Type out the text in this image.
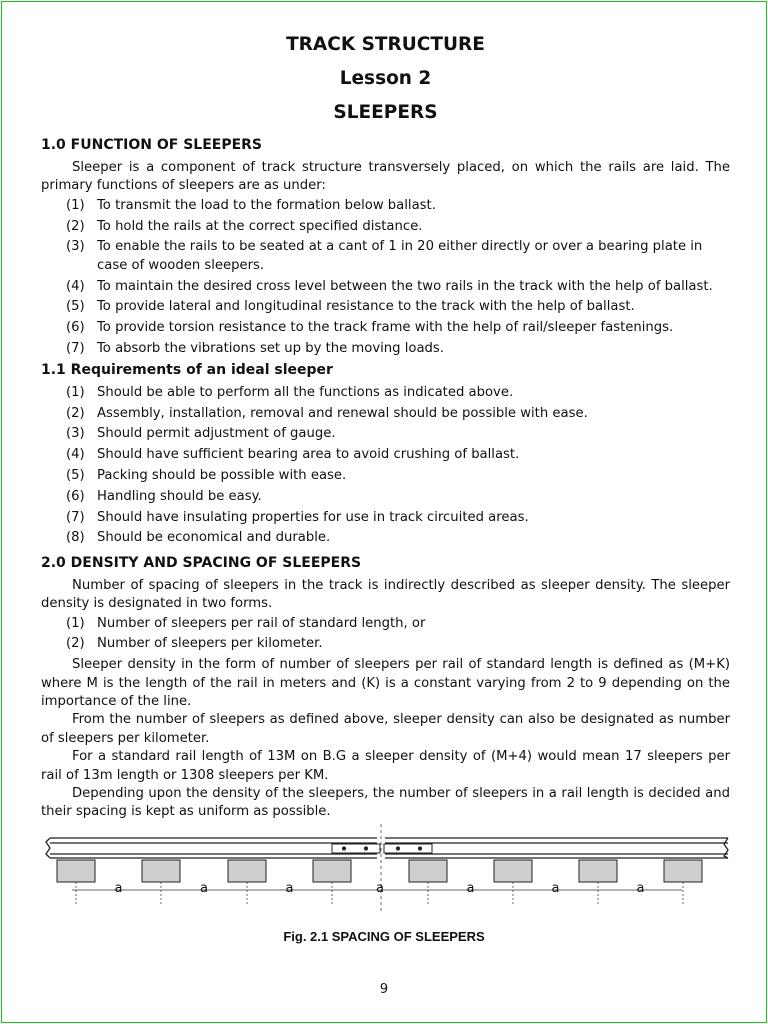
TRACK STRUCTURE
Lesson 2
SLEEPERS
1.0 FUNCTION OF SLEEPERS

Sleeper is a component of track structure transversely placed, on which the rails are laid. The primary functions of sleepers are as under:

(1) To transmit the load to the formation below ballast.
(2) To hold the rails at the correct specified distance.
(3) To enable the rails to be seated at a cant of 1 in 20 either directly or over a bearing plate in case of wooden sleepers.
(4) To maintain the desired cross level between the two rails in the track with the help of ballast.
(5) To provide lateral and longitudinal resistance to the track with the help of ballast.
(6) To provide torsion resistance to the track frame with the help of rail/sleeper fastenings.
(7) To absorb the vibrations set up by the moving loads.
1.1 Requirements of an ideal sleeper
(1) Should be able to perform all the functions as indicated above.
(2) Assembly, installation, removal and renewal should be possible with ease.
(3) Should permit adjustment of gauge.
(4) Should have sufficient bearing area to avoid crushing of ballast.
(5) Packing should be possible with ease.
(6) Handling should be easy.
(7) Should have insulating properties for use in track circuited areas.
(8) Should be economical and durable.
2.0 DENSITY AND SPACING OF SLEEPERS

Number of spacing of sleepers in the track is indirectly described as sleeper density. The sleeper density is designated in two forms.

(1) Number of sleepers per rail of standard length, or
(2) Number of sleepers per kilometer.

Sleeper density in the form of number of sleepers per rail of standard length is defined as (M+K) where M is the length of the rail in meters and (K) is a constant varying from 2 to 9 depending on the importance of the line.

From the number of sleepers as defined above, sleeper density can also be designated as number of sleepers per kilometer.

For a standard rail length of 13M on B.G a sleeper density of (M+4) would mean 17 sleepers per rail of 13m length or 1308 sleepers per KM.

Depending upon the density of the sleepers, the number of sleepers in a rail length is decided and their spacing is kept as uniform as possible.

a	a	a	a	a	a	a
Fig. 2.1 SPACING OF SLEEPERS
9
